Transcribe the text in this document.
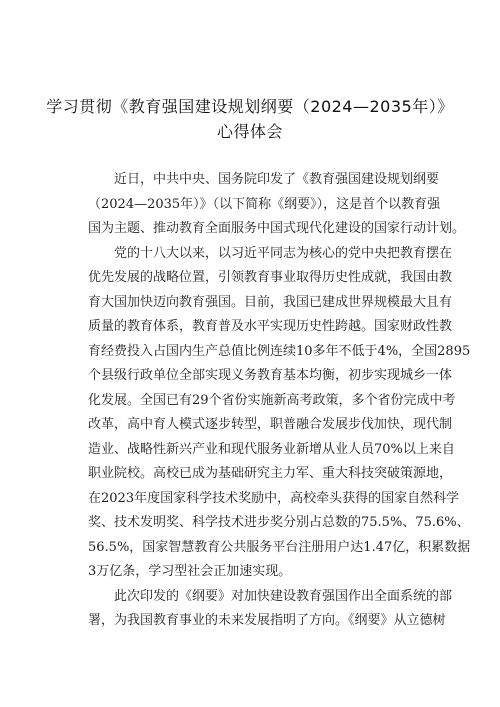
学习贯彻《教育强国建设规划纲要（2024—2035年）》
心得体会
近日，中共中央、国务院印发了《教育强国建设规划纲要
（2024—2035年）》（以下简称《纲要》），这是首个以教育强
国为主题、推动教育全面服务中国式现代化建设的国家行动计划。
党的十八大以来，以习近平同志为核心的党中央把教育摆在
优先发展的战略位置，引领教育事业取得历史性成就，我国由教
育大国加快迈向教育强国。目前，我国已建成世界规模最大且有
质量的教育体系，教育普及水平实现历史性跨越。国家财政性教
育经费投入占国内生产总值比例连续10多年不低于4%，全国2895
个县级行政单位全部实现义务教育基本均衡，初步实现城乡一体
化发展。全国已有29个省份实施新高考政策，多个省份完成中考
改革，高中育人模式逐步转型，职普融合发展步伐加快，现代制
造业、战略性新兴产业和现代服务业新增从业人员70%以上来自
职业院校。高校已成为基础研究主力军、重大科技突破策源地，
在2023年度国家科学技术奖励中，高校牵头获得的国家自然科学
奖、技术发明奖、科学技术进步奖分别占总数的75.5%、75.6%、
56.5%，国家智慧教育公共服务平台注册用户达1.47亿，积累数据
3万亿条，学习型社会正加速实现。
此次印发的《纲要》对加快建设教育强国作出全面系统的部
署，为我国教育事业的未来发展指明了方向。《纲要》从立德树
